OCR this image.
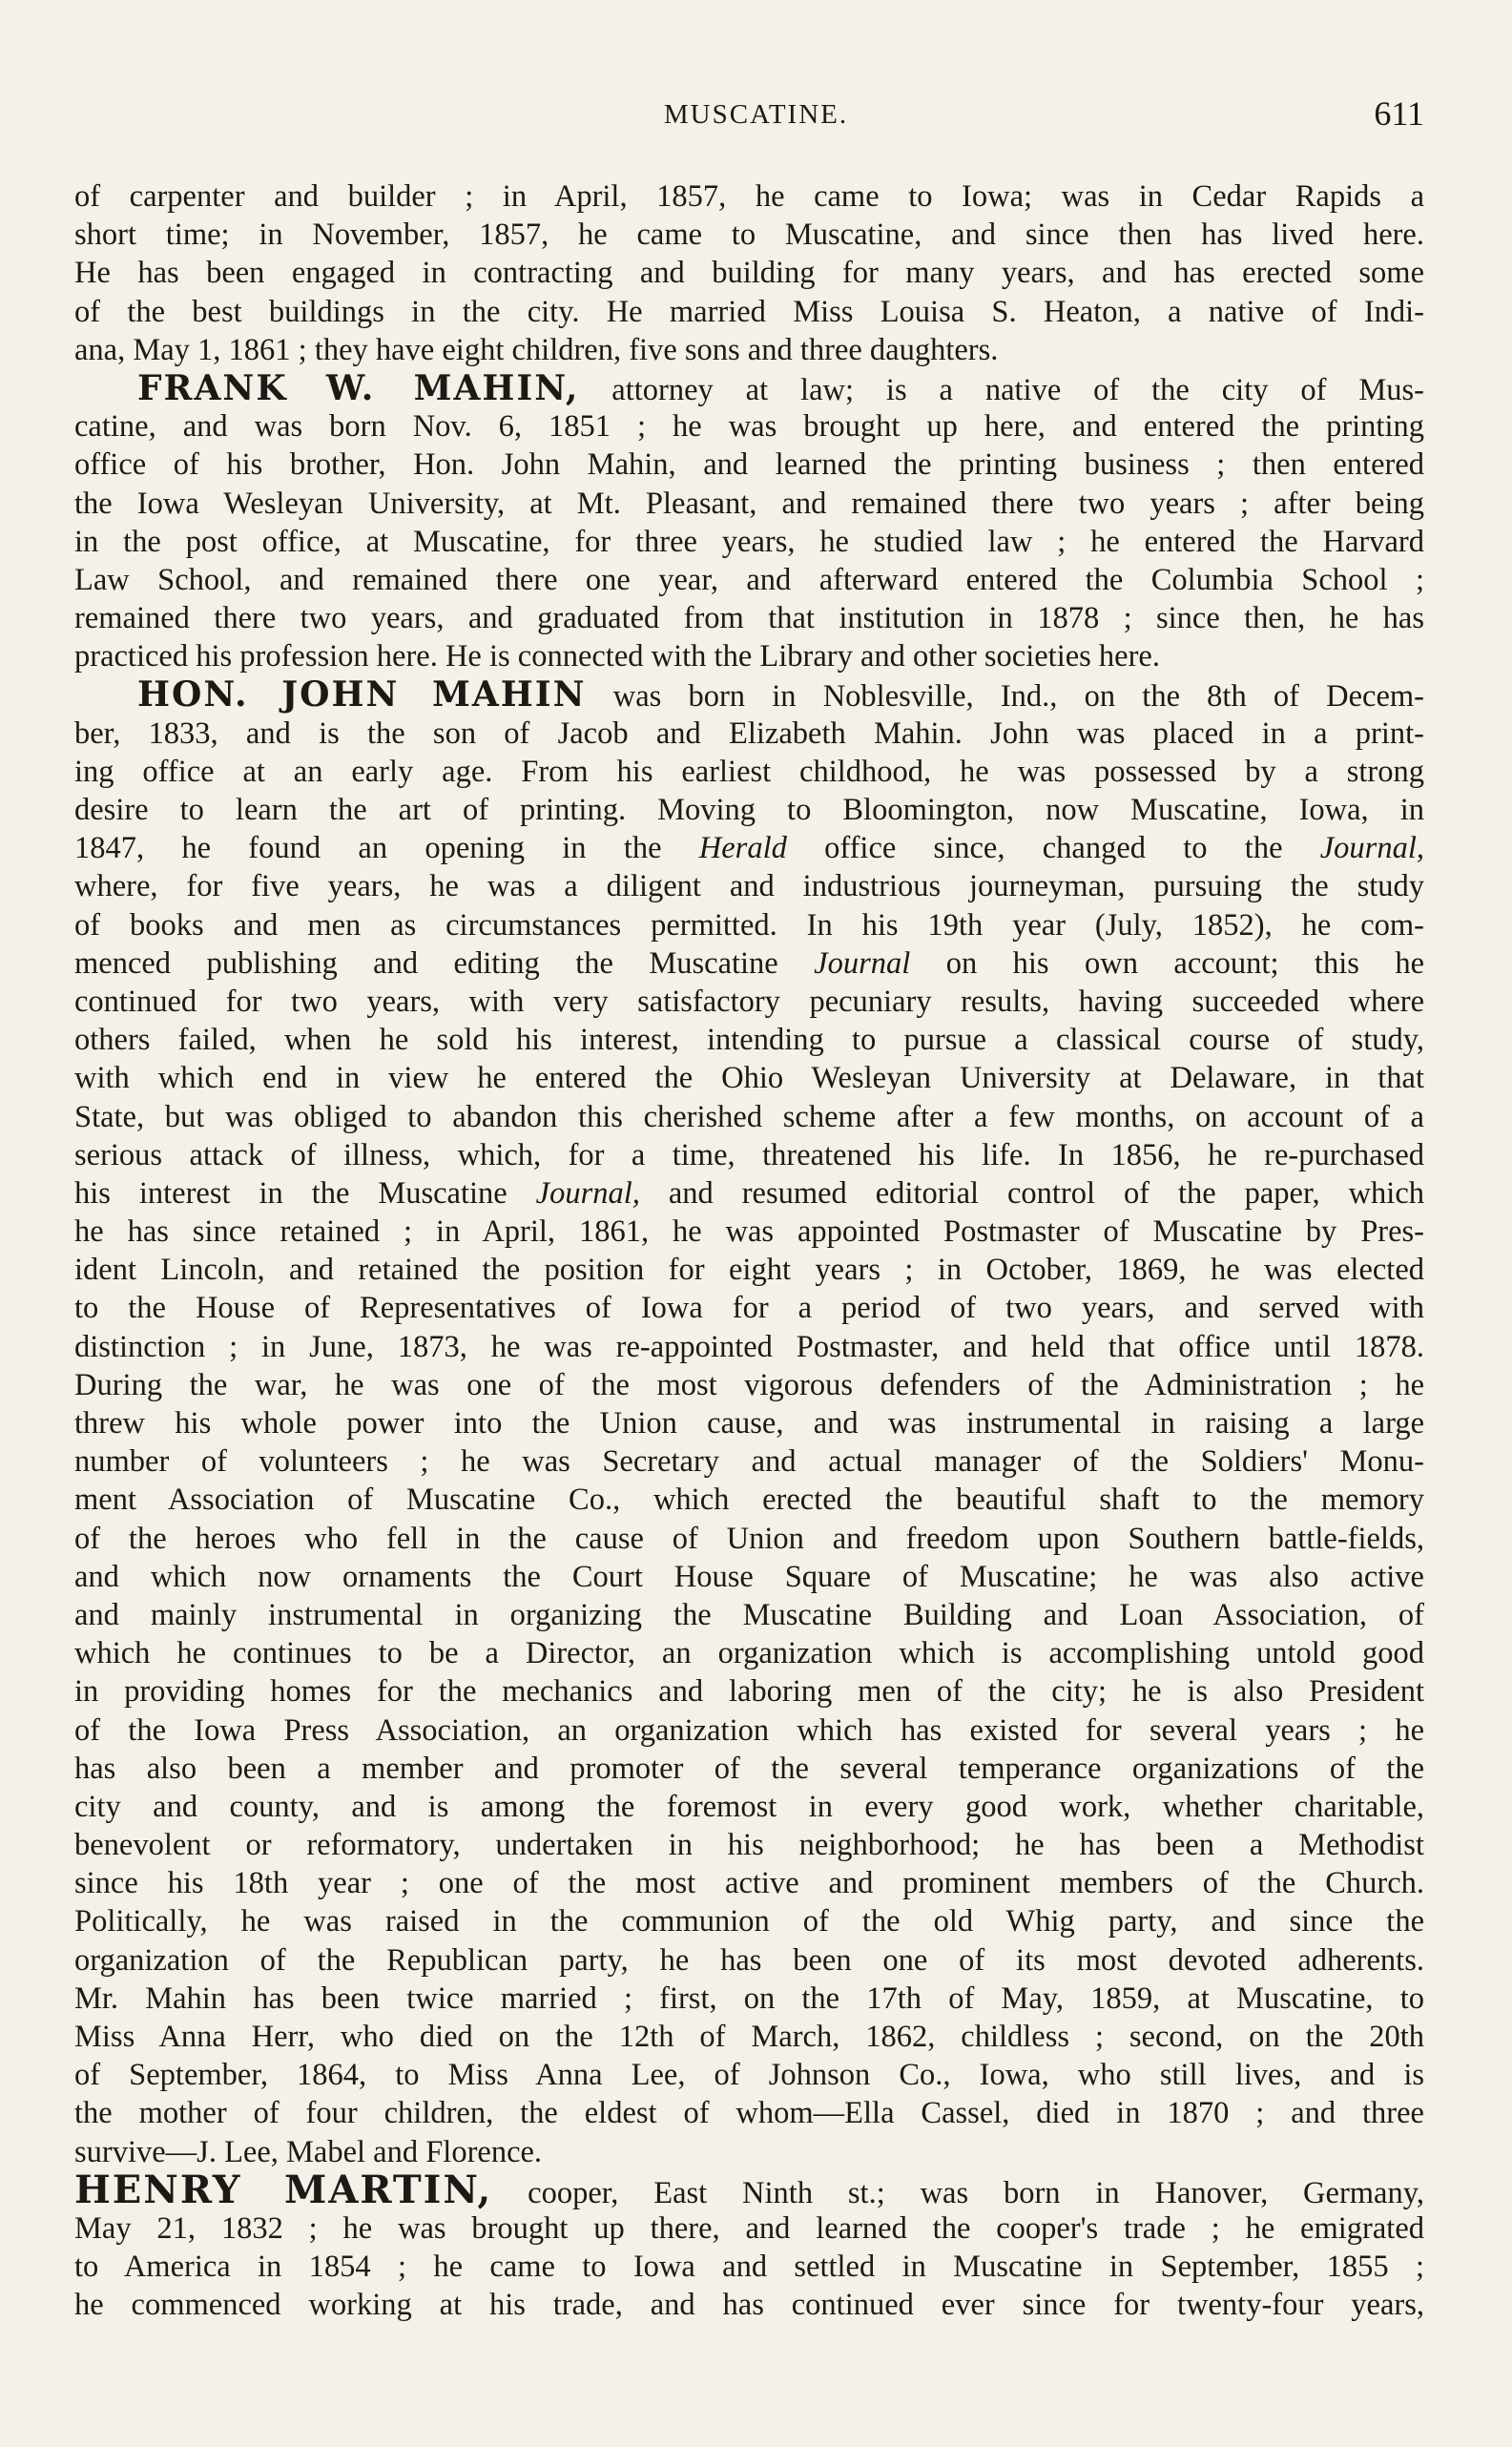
MUSCATINE.	611
of carpenter and builder ; in April, 1857, he came to Iowa; was in Cedar Rapids a
short time; in November, 1857, he came to Muscatine, and since then has lived here.
He has been engaged in contracting and building for many years, and has erected some
of the best buildings in the city. He married Miss Louisa S. Heaton, a native of Indi-
ana, May 1, 1861 ; they have eight children, five sons and three daughters.
FRANK W. MAHIN, attorney at law; is a native of the city of Mus-
catine, and was born Nov. 6, 1851 ; he was brought up here, and entered the printing
office of his brother, Hon. John Mahin, and learned the printing business ; then entered
the Iowa Wesleyan University, at Mt. Pleasant, and remained there two years ; after being
in the post office, at Muscatine, for three years, he studied law ; he entered the Harvard
Law School, and remained there one year, and afterward entered the Columbia School ;
remained there two years, and graduated from that institution in 1878 ; since then, he has
practiced his profession here. He is connected with the Library and other societies here.
HON. JOHN MAHIN was born in Noblesville, Ind., on the 8th of Decem-
ber, 1833, and is the son of Jacob and Elizabeth Mahin. John was placed in a print-
ing office at an early age. From his earliest childhood, he was possessed by a strong
desire to learn the art of printing. Moving to Bloomington, now Muscatine, Iowa, in
1847, he found an opening in the Herald office since, changed to the Journal,
where, for five years, he was a diligent and industrious journeyman, pursuing the study
of books and men as circumstances permitted. In his 19th year (July, 1852), he com-
menced publishing and editing the Muscatine Journal on his own account; this he
continued for two years, with very satisfactory pecuniary results, having succeeded where
others failed, when he sold his interest, intending to pursue a classical course of study,
with which end in view he entered the Ohio Wesleyan University at Delaware, in that
State, but was obliged to abandon this cherished scheme after a few months, on account of a
serious attack of illness, which, for a time, threatened his life. In 1856, he re-purchased
his interest in the Muscatine Journal, and resumed editorial control of the paper, which
he has since retained ; in April, 1861, he was appointed Postmaster of Muscatine by Pres-
ident Lincoln, and retained the position for eight years ; in October, 1869, he was elected
to the House of Representatives of Iowa for a period of two years, and served with
distinction ; in June, 1873, he was re-appointed Postmaster, and held that office until 1878.
During the war, he was one of the most vigorous defenders of the Administration ; he
threw his whole power into the Union cause, and was instrumental in raising a large
number of volunteers ; he was Secretary and actual manager of the Soldiers' Monu-
ment Association of Muscatine Co., which erected the beautiful shaft to the memory
of the heroes who fell in the cause of Union and freedom upon Southern battle-fields,
and which now ornaments the Court House Square of Muscatine; he was also active
and mainly instrumental in organizing the Muscatine Building and Loan Association, of
which he continues to be a Director, an organization which is accomplishing untold good
in providing homes for the mechanics and laboring men of the city; he is also President
of the Iowa Press Association, an organization which has existed for several years ; he
has also been a member and promoter of the several temperance organizations of the
city and county, and is among the foremost in every good work, whether charitable,
benevolent or reformatory, undertaken in his neighborhood; he has been a Methodist
since his 18th year ; one of the most active and prominent members of the Church.
Politically, he was raised in the communion of the old Whig party, and since the
organization of the Republican party, he has been one of its most devoted adherents.
Mr. Mahin has been twice married ; first, on the 17th of May, 1859, at Muscatine, to
Miss Anna Herr, who died on the 12th of March, 1862, childless ; second, on the 20th
of September, 1864, to Miss Anna Lee, of Johnson Co., Iowa, who still lives, and is
the mother of four children, the eldest of whom—Ella Cassel, died in 1870 ; and three
survive—J. Lee, Mabel and Florence.
HENRY MARTIN, cooper, East Ninth st.; was born in Hanover, Germany,
May 21, 1832 ; he was brought up there, and learned the cooper's trade ; he emigrated
to America in 1854 ; he came to Iowa and settled in Muscatine in September, 1855 ;
he commenced working at his trade, and has continued ever since for twenty-four years,
